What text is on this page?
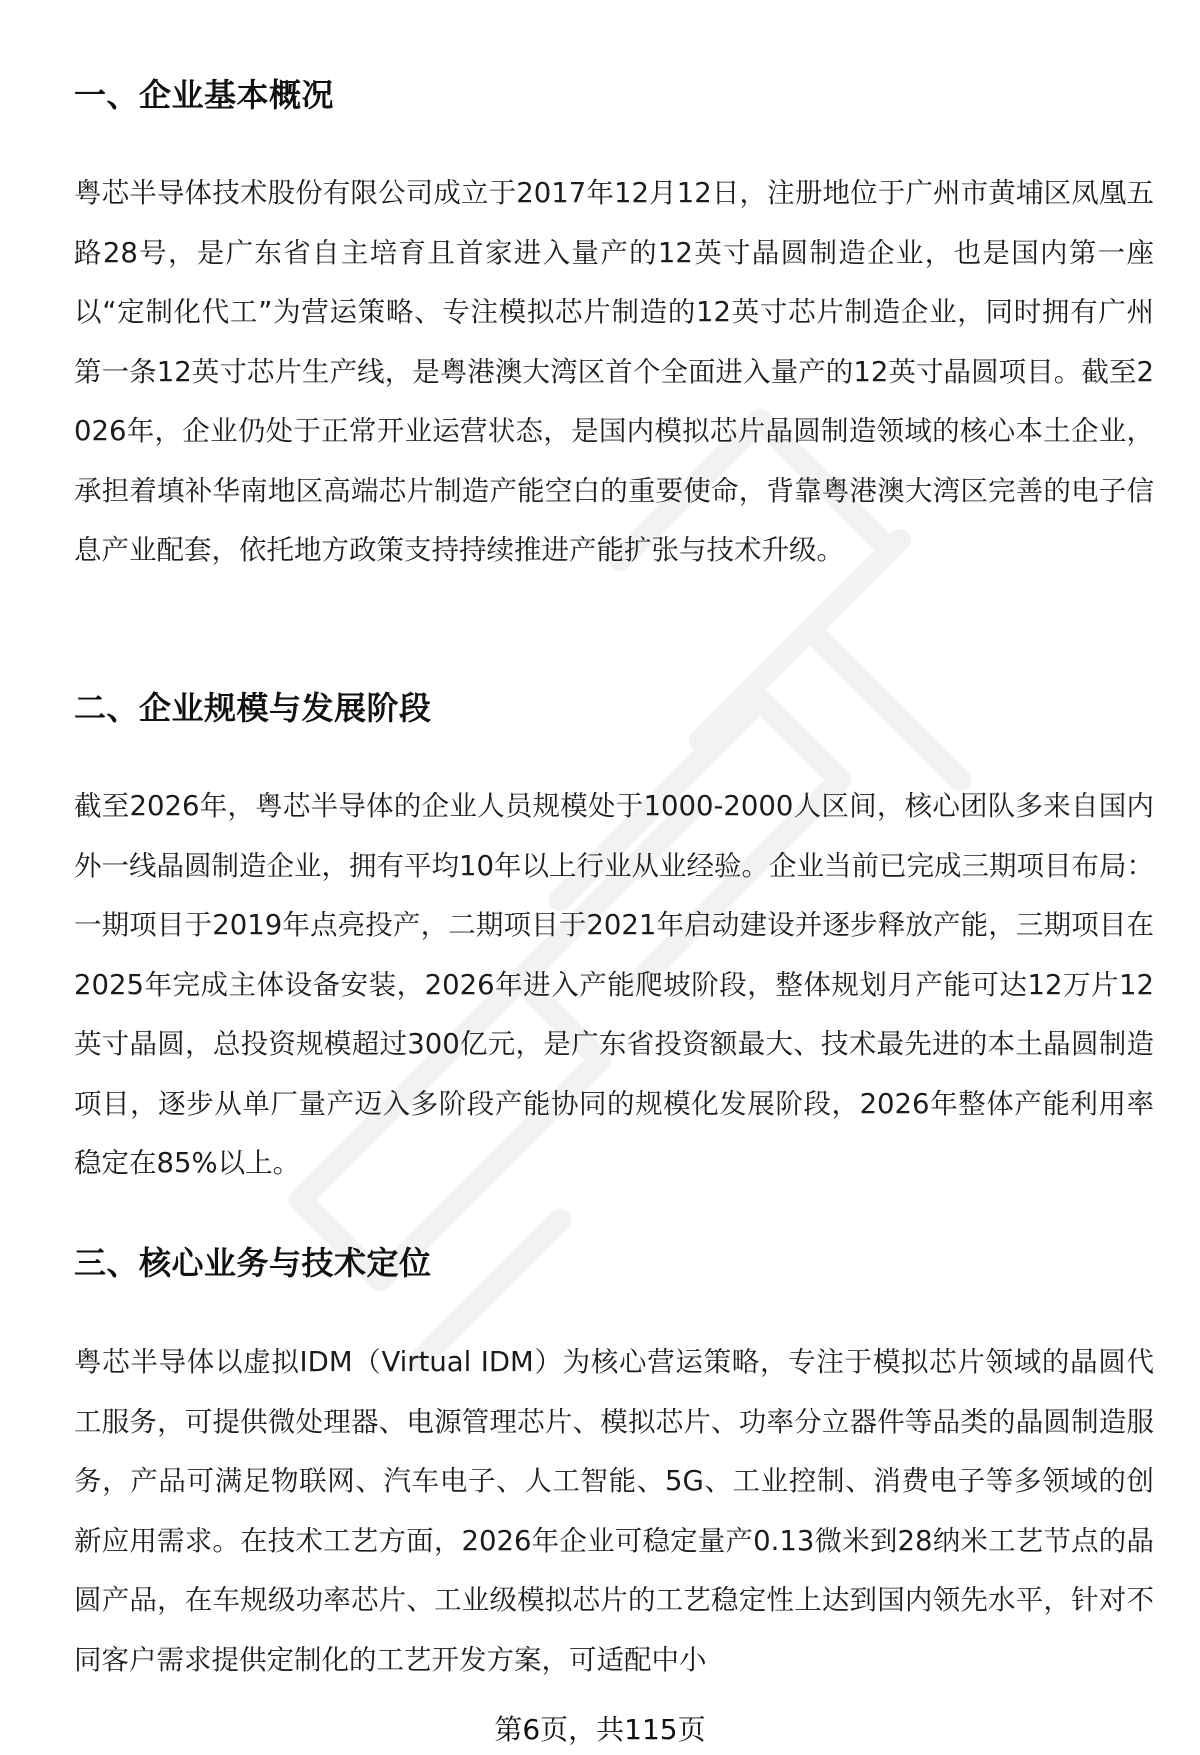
一、企业基本概况

粤芯半导体技术股份有限公司成立于2017年12月12日，注册地位于广州市黄埔区凤凰五路28号，是广东省自主培育且首家进入量产的12英寸晶圆制造企业，也是国内第一座以“定制化代工”为营运策略、专注模拟芯片制造的12英寸芯片制造企业，同时拥有广州第一条12英寸芯片生产线，是粤港澳大湾区首个全面进入量产的12英寸晶圆项目。截至2026年，企业仍处于正常开业运营状态，是国内模拟芯片晶圆制造领域的核心本土企业，承担着填补华南地区高端芯片制造产能空白的重要使命，背靠粤港澳大湾区完善的电子信息产业配套，依托地方政策支持持续推进产能扩张与技术升级。

二、企业规模与发展阶段

截至2026年，粤芯半导体的企业人员规模处于1000-2000人区间，核心团队多来自国内外一线晶圆制造企业，拥有平均10年以上行业从业经验。企业当前已完成三期项目布局：一期项目于2019年点亮投产，二期项目于2021年启动建设并逐步释放产能，三期项目在2025年完成主体设备安装，2026年进入产能爬坡阶段，整体规划月产能可达12万片12英寸晶圆，总投资规模超过300亿元，是广东省投资额最大、技术最先进的本土晶圆制造项目，逐步从单厂量产迈入多阶段产能协同的规模化发展阶段，2026年整体产能利用率稳定在85%以上。

三、核心业务与技术定位

粤芯半导体以虚拟IDM（Virtual IDM）为核心营运策略，专注于模拟芯片领域的晶圆代工服务，可提供微处理器、电源管理芯片、模拟芯片、功率分立器件等品类的晶圆制造服务，产品可满足物联网、汽车电子、人工智能、5G、工业控制、消费电子等多领域的创新应用需求。在技术工艺方面，2026年企业可稳定量产0.13微米到28纳米工艺节点的晶圆产品，在车规级功率芯片、工业级模拟芯片的工艺稳定性上达到国内领先水平，针对不同客户需求提供定制化的工艺开发方案，可适配中小

第6页，共115页
